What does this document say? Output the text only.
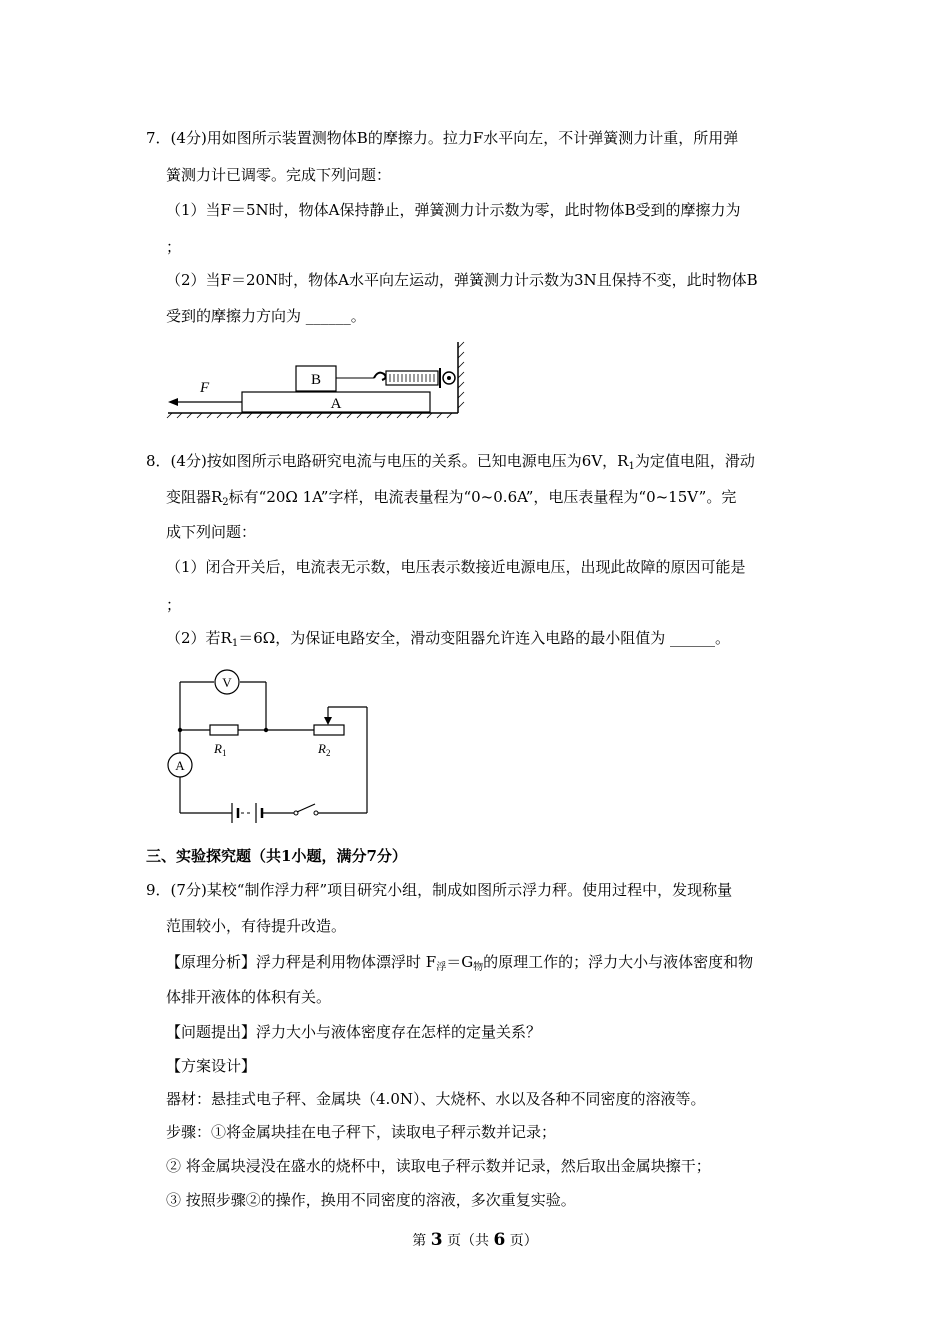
7．(4分)用如图所示装置测物体B的摩擦力。拉力F水平向左，不计弹簧测力计重，所用弹
簧测力计已调零。完成下列问题：
（1）当F＝5N时，物体A保持静止，弹簧测力计示数为零，此时物体B受到的摩擦力为
；
（2）当F＝20N时，物体A水平向左运动，弹簧测力计示数为3N且保持不变，此时物体B
受到的摩擦力方向为 ______。
A
B
F
8．(4分)按如图所示电路研究电流与电压的关系。已知电源电压为6V，$R_1$为定值电阻，滑动
变阻器$R_2$标有“20Ω 1A”字样，电流表量程为“0~0.6A”，电压表量程为“0~15V”。完
成下列问题：
（1）闭合开关后，电流表无示数，电压表示数接近电源电压，出现此故障的原因可能是
；
（2）若$R_1=6\Omega$，为保证电路安全，滑动变阻器允许连入电路的最小阻值为 ______。
V
$R_1$	$R_2$
A
三、实验探究题（共1小题，满分7分）
9．(7分)某校“制作浮力秤”项目研究小组，制成如图所示浮力秤。使用过程中，发现称量
范围较小，有待提升改造。
【原理分析】浮力秤是利用物体漂浮时 $F_浮=G_物$的原理工作的；浮力大小与液体密度和物
体排开液体的体积有关。
【问题提出】浮力大小与液体密度存在怎样的定量关系？
【方案设计】
器材：悬挂式电子秤、金属块（4.0N）、大烧杯、水以及各种不同密度的溶液等。
步骤：①将金属块挂在电子秤下，读取电子秤示数并记录；
② 将金属块浸没在盛水的烧杯中，读取电子秤示数并记录，然后取出金属块擦干；
③ 按照步骤②的操作，换用不同密度的溶液，多次重复实验。
第 3 页（共 6 页）
